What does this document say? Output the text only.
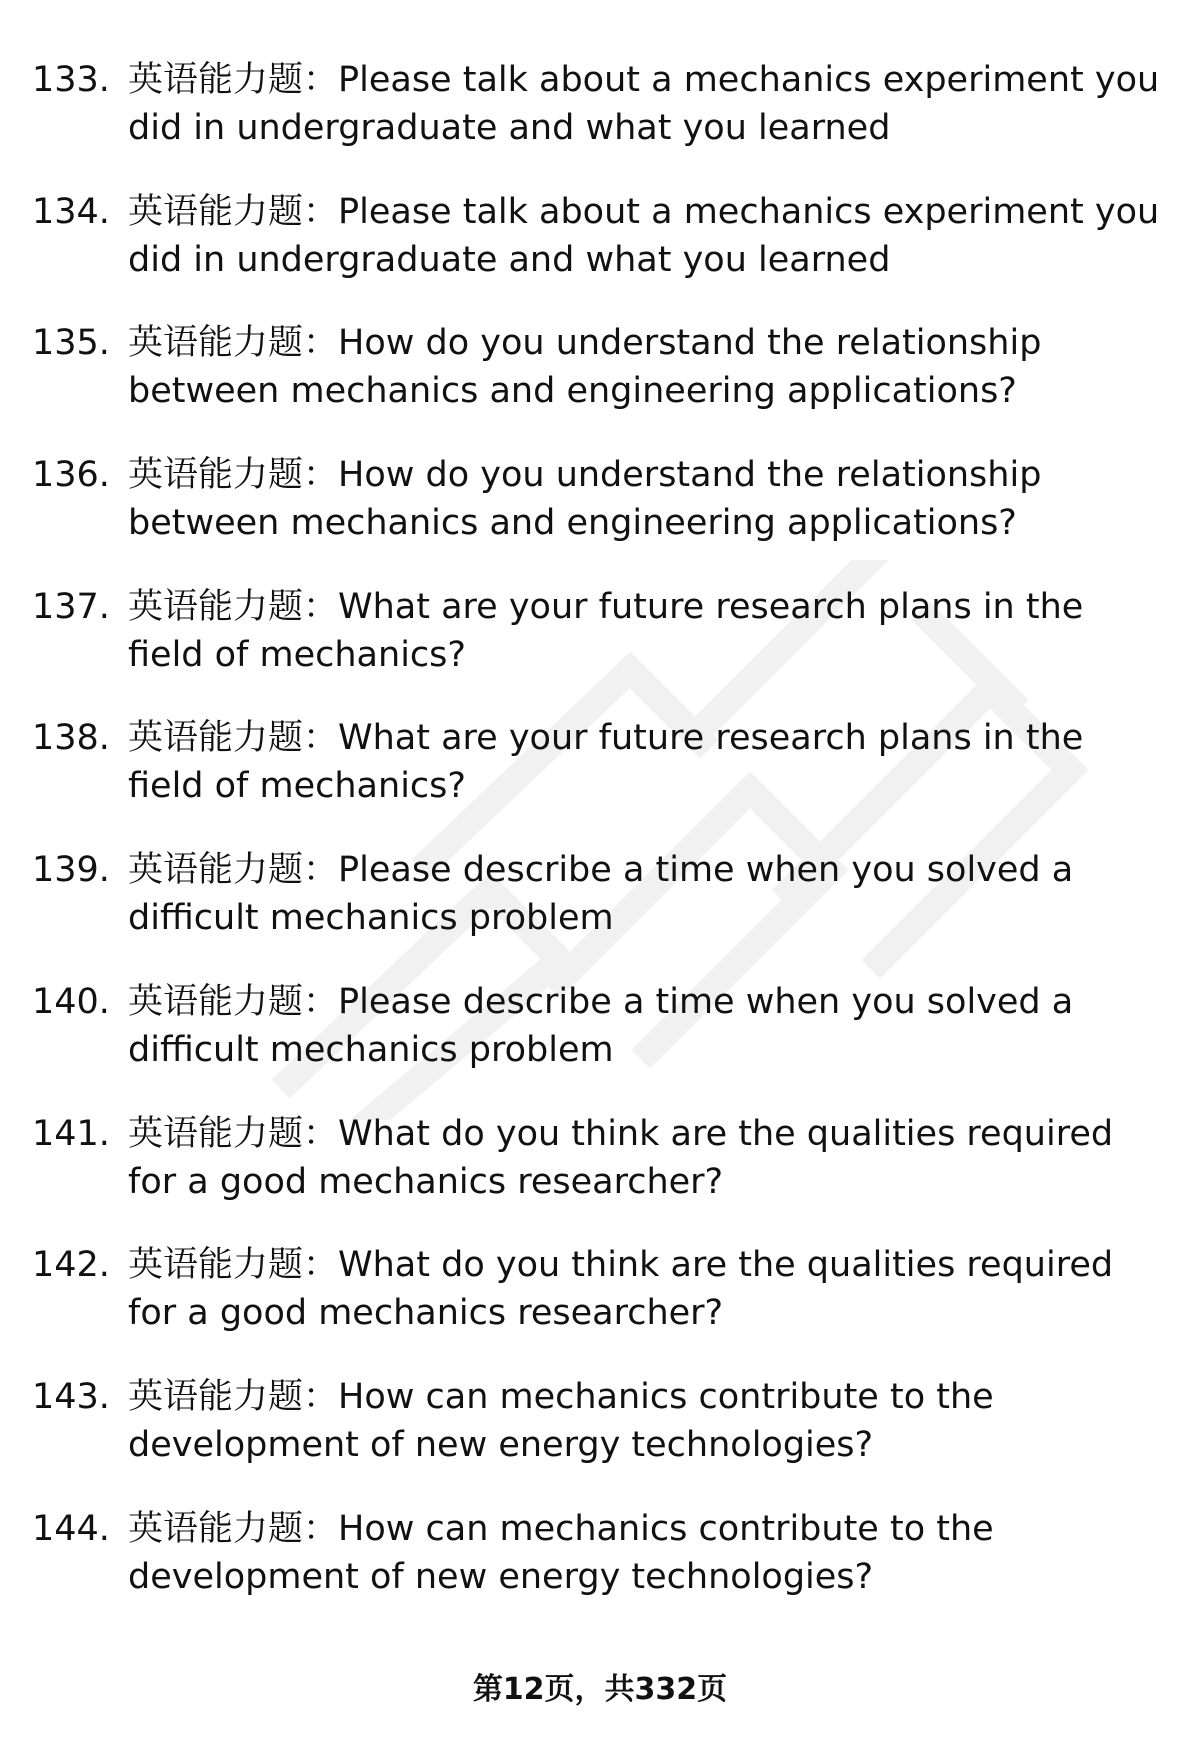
133. 英语能力题：Please talk about a mechanics experiment you did in undergraduate and what you learned
134. 英语能力题：Please talk about a mechanics experiment you did in undergraduate and what you learned
135. 英语能力题：How do you understand the relationship between mechanics and engineering applications?
136. 英语能力题：How do you understand the relationship between mechanics and engineering applications?
137. 英语能力题：What are your future research plans in the field of mechanics?
138. 英语能力题：What are your future research plans in the field of mechanics?
139. 英语能力题：Please describe a time when you solved a difficult mechanics problem
140. 英语能力题：Please describe a time when you solved a difficult mechanics problem
141. 英语能力题：What do you think are the qualities required for a good mechanics researcher?
142. 英语能力题：What do you think are the qualities required for a good mechanics researcher?
143. 英语能力题：How can mechanics contribute to the development of new energy technologies?
144. 英语能力题：How can mechanics contribute to the development of new energy technologies?
第12页，共332页
